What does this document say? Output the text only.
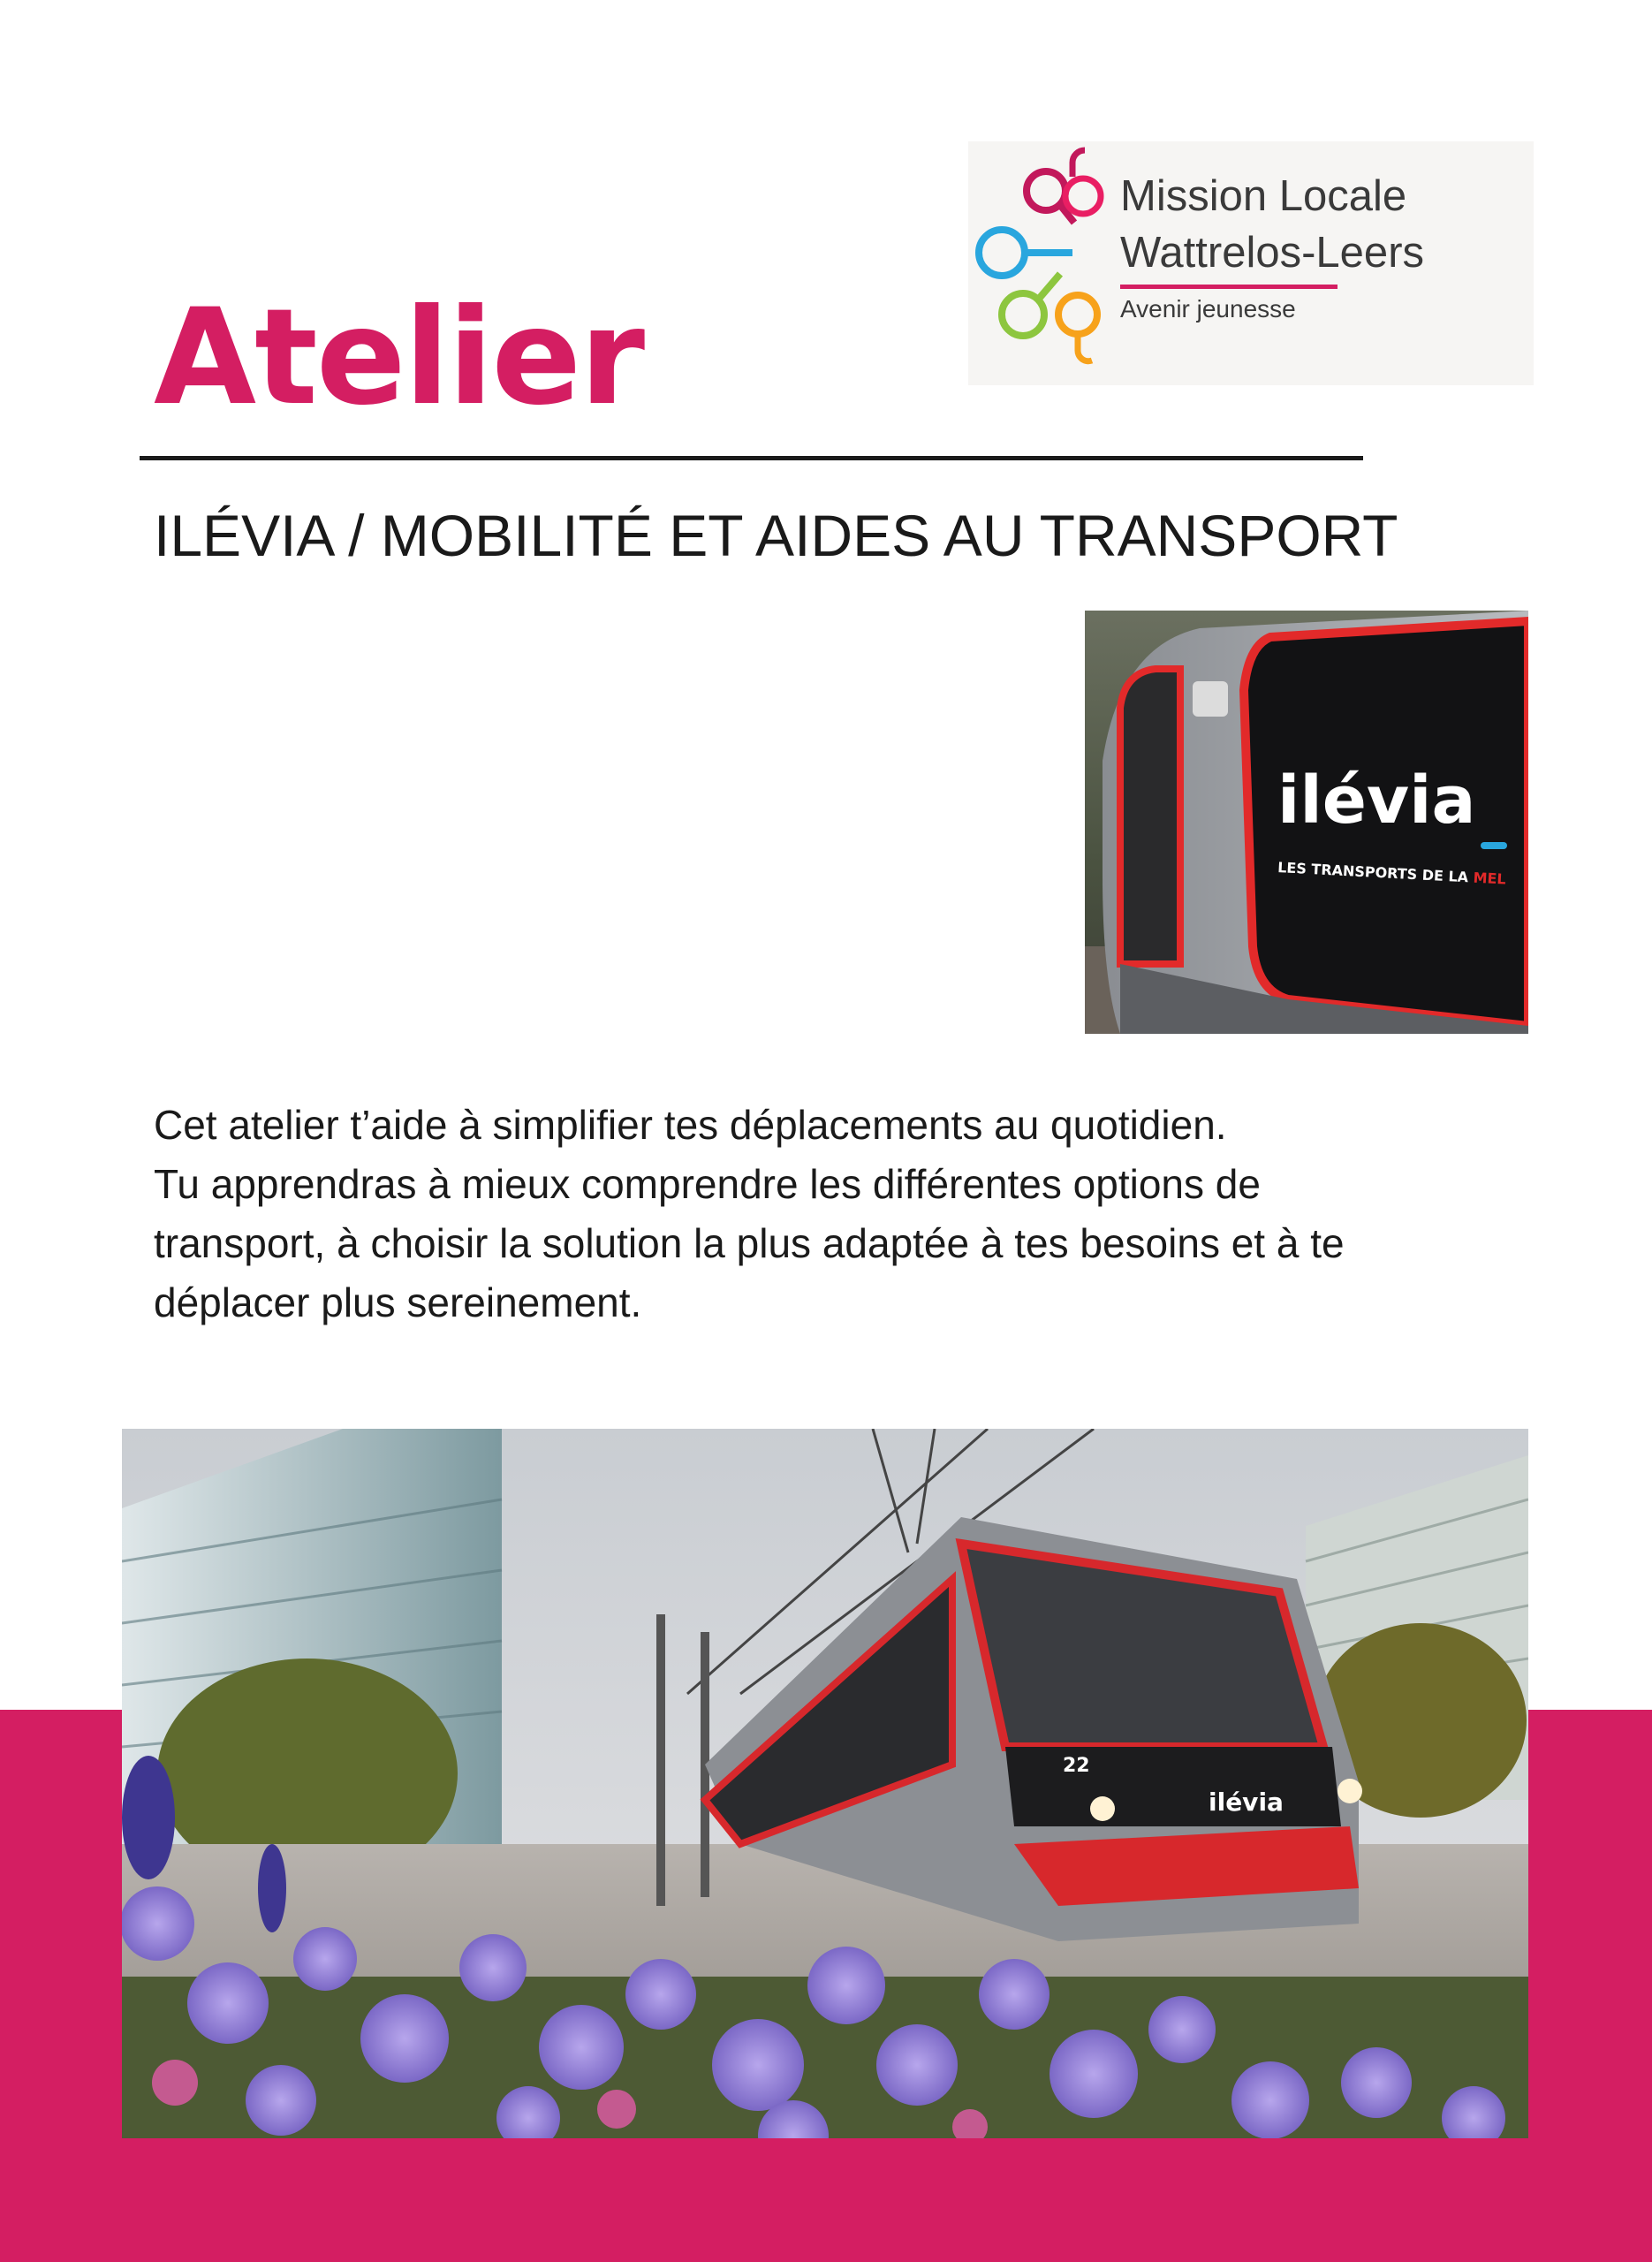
Mission Locale
Wattrelos-Leers
Avenir jeunesse
Atelier
ILÉVIA / MOBILITÉ ET AIDES AU TRANSPORT
ilévia
LES TRANSPORTS DE LA MEL

Cet atelier t’aide à simplifier tes déplacements au quotidien.
Tu apprendras à mieux comprendre les différentes options de
transport, à choisir la solution la plus adaptée à tes besoins et à te
déplacer plus sereinement.

22
ilévia
